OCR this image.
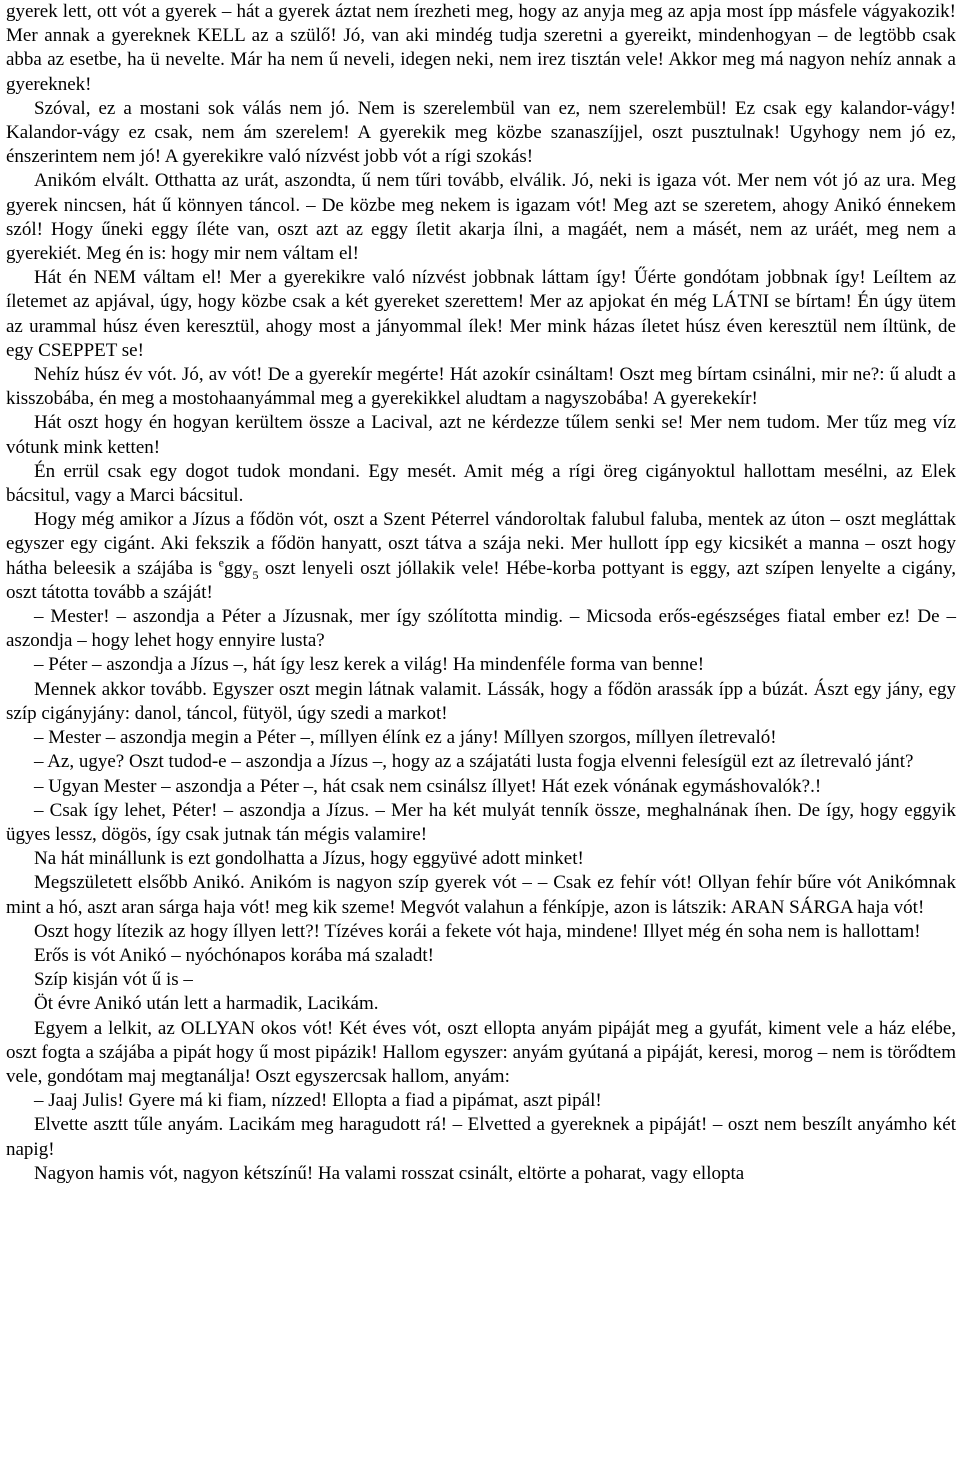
gyerek lett, ott vót a gyerek – hát a gyerek áztat nem írezheti meg, hogy az anyja meg az apja most ípp másfele vágyakozik! Mer annak a gyereknek KELL az a szülő! Jó, van aki mindég tudja szeretni a gyereikt, mindenhogyan – de legtöbb csak abba az esetbe, ha ü nevelte. Már ha nem ű neveli, idegen neki, nem irez tisztán vele! Akkor meg má nagyon nehíz annak a gyereknek!

Szóval, ez a mostani sok válás nem jó. Nem is szerelembül van ez, nem szerelembül! Ez csak egy kalandor-vágy! Kalandor-vágy ez csak, nem ám szerelem! A gyerekik meg közbe szanaszíjjel, oszt pusztulnak! Ugyhogy nem jó ez, énszerintem nem jó! A gyerekikre való nízvést jobb vót a rígi szokás!

Anikóm elvált. Otthatta az urát, aszondta, ű nem tűri tovább, elválik. Jó, neki is igaza vót. Mer nem vót jó az ura. Meg gyerek nincsen, hát ű könnyen táncol. – De közbe meg nekem is igazam vót! Meg azt se szeretem, ahogy Anikó énnekem szól! Hogy űneki eggy íléte van, oszt azt az eggy íletit akarja ílni, a magáét, nem a másét, nem az uráét, meg nem a gyerekiét. Meg én is: hogy mir nem váltam el!

Hát én NEM váltam el! Mer a gyerekikre való nízvést jobbnak láttam így! Űérte gondótam jobbnak így! Leíltem az íletemet az apjával, úgy, hogy közbe csak a két gyereket szerettem! Mer az apjokat én még LÁTNI se bírtam! Én úgy ütem az urammal húsz éven keresztül, ahogy most a jányommal ílek! Mer mink házas íletet húsz éven keresztül nem íltünk, de egy CSEPPET se!

Nehíz húsz év vót. Jó, av vót! De a gyerekír megérte! Hát azokír csináltam! Oszt meg bírtam csinálni, mir ne?: ű aludt a kisszobába, én meg a mostohaanyámmal meg a gyerekikkel aludtam a nagyszobába! A gyerekekír!

Hát oszt hogy én hogyan kerültem össze a Lacival, azt ne kérdezze tűlem senki se! Mer nem tudom. Mer tűz meg víz vótunk mink ketten!

Én errül csak egy dogot tudok mondani. Egy mesét. Amit még a rígi öreg cigányoktul hallottam mesélni, az Elek bácsitul, vagy a Marci bácsitul.

Hogy még amikor a Jízus a fődön vót, oszt a Szent Péterrel vándoroltak falubul faluba, mentek az úton – oszt megláttak egyszer egy cigánt. Aki fekszik a fődön hanyatt, oszt tátva a szája neki. Mer hullott ípp egy kicsikét a manna – oszt hogy hátha beleesik a szájába is $^e$ggy$_5$ oszt lenyeli oszt jóllakik vele! Hébe-korba pottyant is eggy, azt szípen lenyelte a cigány, oszt tátotta tovább a száját!

– Mester! – aszondja a Péter a Jízusnak, mer így szólította mindig. – Micsoda erős-egészséges fiatal ember ez! De – aszondja – hogy lehet hogy ennyire lusta?

– Péter – aszondja a Jízus –, hát így lesz kerek a világ! Ha mindenféle forma van benne!

Mennek akkor tovább. Egyszer oszt megin látnak valamit. Lássák, hogy a fődön arassák ípp a búzát. Ászt egy jány, egy szíp cigányjány: danol, táncol, fütyöl, úgy szedi a markot!

– Mester – aszondja megin a Péter –, míllyen élínk ez a jány! Míllyen szorgos, míllyen íletrevaló!

– Az, ugye? Oszt tudod-e – aszondja a Jízus –, hogy az a szájatáti lusta fogja elvenni felesígül ezt az íletrevaló jánt?

– Ugyan Mester – aszondja a Péter –, hát csak nem csinálsz íllyet! Hát ezek vónának egymáshovalók?.!

– Csak így lehet, Péter! – aszondja a Jízus. – Mer ha két mulyát tenník össze, meghalnának íhen. De így, hogy eggyik ügyes lessz, dögös, így csak jutnak tán mégis valamire!

Na hát minállunk is ezt gondolhatta a Jízus, hogy eggyüvé adott minket!

Megszületett elsőbb Anikó. Anikóm is nagyon szíp gyerek vót – – Csak ez fehír vót! Ollyan fehír bűre vót Anikómnak mint a hó, aszt aran sárga haja vót! meg kik szeme! Megvót valahun a fénkípje, azon is látszik: ARAN SÁRGA haja vót!

Oszt hogy lítezik az hogy íllyen lett?! Tízéves korái a fekete vót haja, mindene! Illyet még én soha nem is hallottam!

Erős is vót Anikó – nyóchónapos korába má szaladt!

Szíp kisján vót ű is –

Öt évre Anikó után lett a harmadik, Lacikám.

Egyem a lelkit, az OLLYAN okos vót! Két éves vót, oszt ellopta anyám pipáját meg a gyufát, kiment vele a ház elébe, oszt fogta a szájába a pipát hogy ű most pipázik! Hallom egyszer: anyám gyútaná a pipáját, keresi, morog – nem is törődtem vele, gondótam maj megtanálja! Oszt egyszercsak hallom, anyám:

– Jaaj Julis! Gyere má ki fiam, nízzed! Ellopta a fiad a pipámat, aszt pipál!

Elvette asztt tűle anyám. Lacikám meg haragudott rá! – Elvetted a gyereknek a pipáját! – oszt nem beszílt anyámho két napig!

Nagyon hamis vót, nagyon kétszínű! Ha valami rosszat csinált, eltörte a poharat, vagy ellopta
